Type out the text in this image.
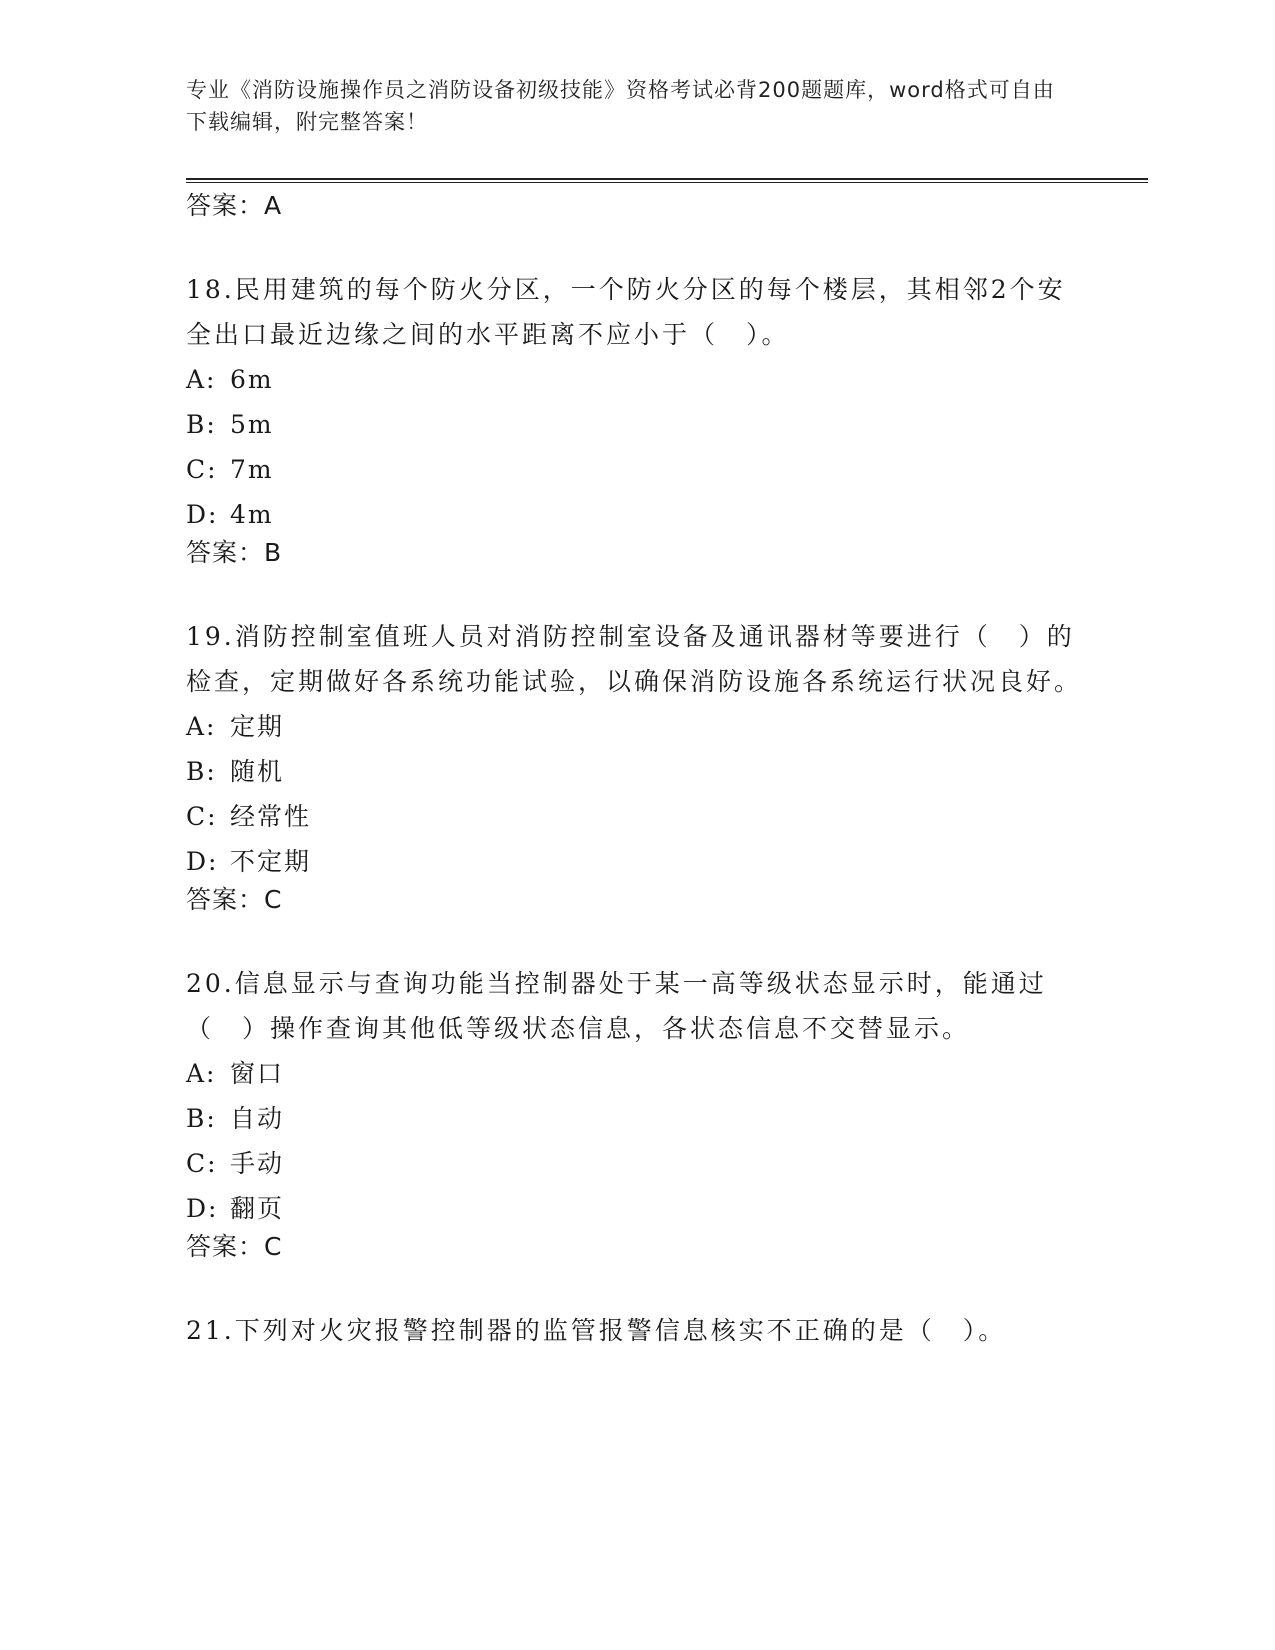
专业《消防设施操作员之消防设备初级技能》资格考试必背200题题库，word格式可自由下载编辑，附完整答案！

答案：A

18.民用建筑的每个防火分区，一个防火分区的每个楼层，其相邻2个安全出口最近边缘之间的水平距离不应小于（　）。

A: 6m

B: 5m

C: 7m

D: 4m

答案：B

19.消防控制室值班人员对消防控制室设备及通讯器材等要进行（　）的检查，定期做好各系统功能试验，以确保消防设施各系统运行状况良好。

A: 定期

B: 随机

C: 经常性

D: 不定期

答案：C

20.信息显示与查询功能当控制器处于某一高等级状态显示时，能通过（　）操作查询其他低等级状态信息，各状态信息不交替显示。

A: 窗口

B: 自动

C: 手动

D: 翻页

答案：C

21.下列对火灾报警控制器的监管报警信息核实不正确的是（　）。
